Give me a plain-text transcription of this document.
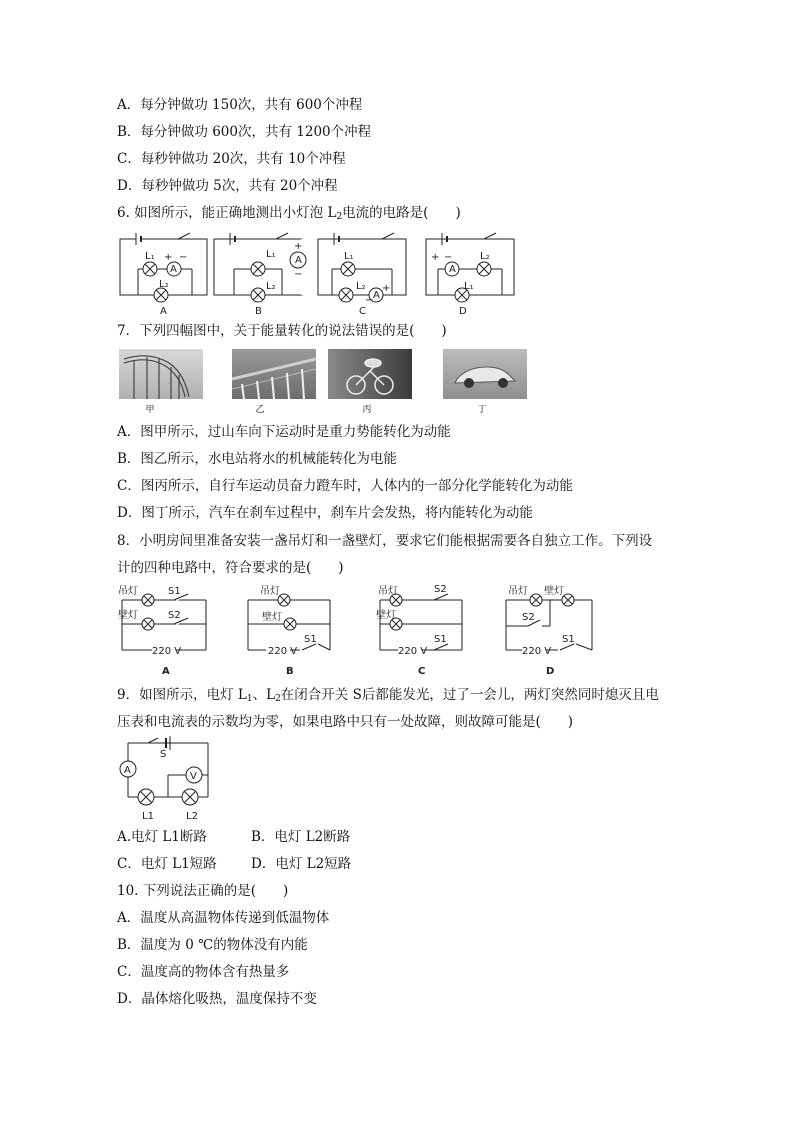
A．每分钟做功 150次，共有 600个冲程
B．每分钟做功 600次，共有 1200个冲程
C．每秒钟做功 20次，共有 10个冲程
D．每秒钟做功 5次，共有 20个冲程
6. 如图所示，能正确地测出小灯泡 $L_2$电流的电路是(　　)
L₁
L₂
A
+ −	L₁
L₂
A
+
−
L₁
L₂
A
−
+
A
+ −	L₂
L₁
A	B	C	D
7．下列四幅图中，关于能量转化的说法错误的是(　　)
甲	乙	丙	丁
A．图甲所示，过山车向下运动时是重力势能转化为动能
B．图乙所示，水电站将水的机械能转化为电能
C．图丙所示，自行车运动员奋力蹬车时，人体内的一部分化学能转化为动能
D．图丁所示，汽车在刹车过程中，刹车片会发热，将内能转化为动能
8．小明房间里准备安装一盏吊灯和一盏壁灯，要求它们能根据需要各自独立工作。下列设
计的四种电路中，符合要求的是(　　)
吊灯
壁灯
S1
S2
220 V
吊灯
壁灯
S1
220 V
吊灯
壁灯
S2
S1
220 V
吊灯 壁灯
S2
S1
220 V
A	B	C	D
9．如图所示，电灯 $L_1$、$L_2$在闭合开关 S后都能发光，过了一会儿，两灯突然同时熄灭且电
压表和电流表的示数均为零，如果电路中只有一处故障，则故障可能是(　　)
S
A
V
L1	L2
A.电灯 L1断路	B．电灯 L2断路
C．电灯 L1短路	D．电灯 L2短路
10. 下列说法正确的是(　　)
A．温度从高温物体传递到低温物体
B．温度为 0 ℃的物体没有内能
C．温度高的物体含有热量多
D．晶体熔化吸热，温度保持不变
